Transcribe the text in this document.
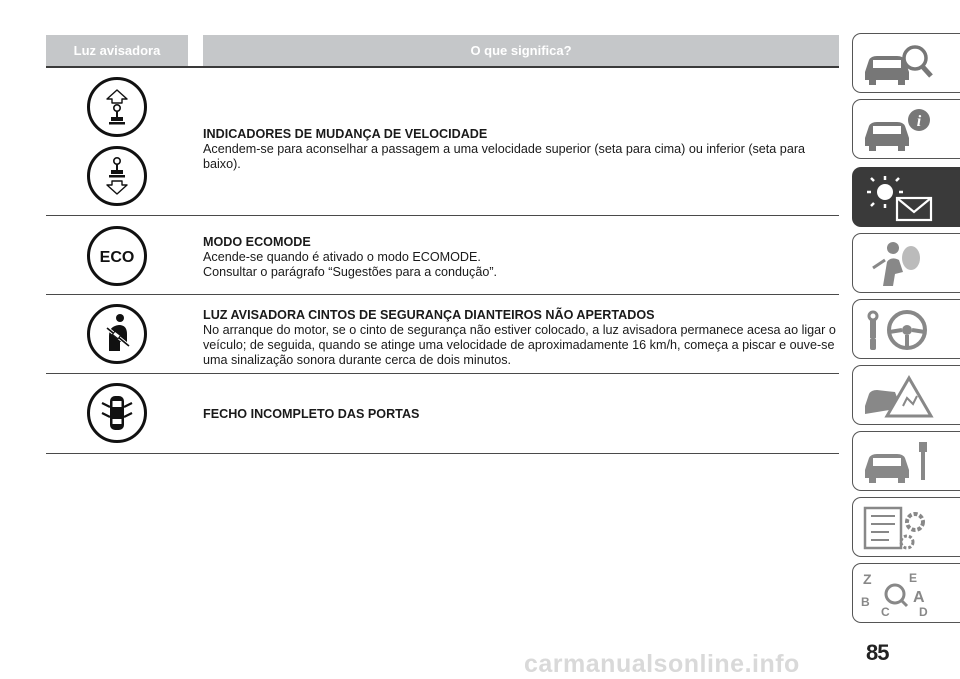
Luz avisadora	O que significa?
INDICADORES DE MUDANÇA DE VELOCIDADE
Acendem-se para aconselhar a passagem a uma velocidade superior (seta para cima) ou inferior (seta para baixo).
ECO
MODO ECOMODE
Acende-se quando é ativado o modo ECOMODE.
Consultar o parágrafo “Sugestões para a condução”.
LUZ AVISADORA CINTOS DE SEGURANÇA DIANTEIROS NÃO APERTADOS
No arranque do motor, se o cinto de segurança não estiver colocado, a luz avisadora permanece acesa ao ligar o
veículo; de seguida, quando se atinge uma velocidade de aproximadamente 16 km/h, começa a piscar e ouve-se
uma sinalização sonora durante cerca de dois minutos.
FECHO INCOMPLETO DAS PORTAS
i
Z	E
B	A
D
C
85
carmanualsonline.info
